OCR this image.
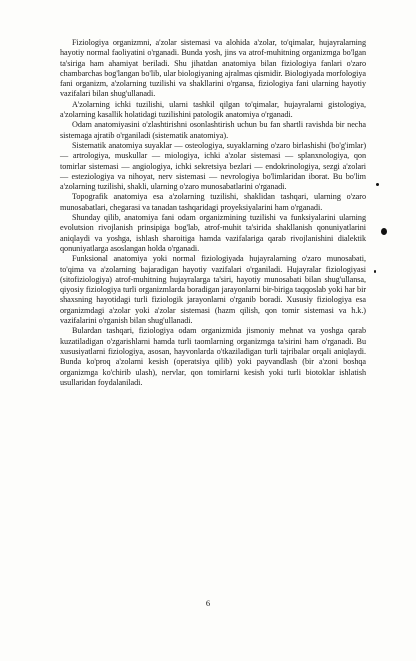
Fiziologiya organizmni, a'zolar sistemasi va alohida a'zolar, to'qimalar, hujayralarning hayotiy normal faoliyatini o'rganadi. Bunda yosh, jins va atrof-muhitning organizmga bo'lgan ta'siriga ham ahamiyat beriladi. Shu jihatdan anatomiya bilan fiziologiya fanlari o'zaro chambarchas bog'langan bo'lib, ular biologiyaning ajralmas qismidir. Biologiyada morfologiya fani organizm, a'zolarning tuzilishi va shakllarini o'rgansa, fiziologiya fani ularning hayotiy vazifalari bilan shug'ullanadi.

A'zolarning ichki tuzilishi, ularni tashkil qilgan to'qimalar, hujayralarni gistologiya, a'zolarning kasallik holatidagi tuzilishini patologik anatomiya o'rganadi.

Odam anatomiyasini o'zlashtirishni osonlashtirish uchun bu fan shartli ravishda bir necha sistemaga ajratib o'rganiladi (sistematik anatomiya).

Sistematik anatomiya suyaklar — osteologiya, suyaklarning o'zaro birlashishi (bo'g'imlar) — artrologiya, muskullar — miologiya, ichki a'zolar sistemasi — splanxnologiya, qon tomirlar sistemasi — angiologiya, ichki sekretsiya bezlari — endokrinologiya, sezgi a'zolari — esteziologiya va nihoyat, nerv sistemasi — nevrologiya bo'limlaridan iborat. Bu bo'lim a'zolarning tuzilishi, shakli, ularning o'zaro munosabatlarini o'rganadi.

Topografik anatomiya esa a'zolarning tuzilishi, shaklidan tashqari, ularning o'zaro munosabatlari, chegarasi va tanadan tashqaridagi proyeksiyalarini ham o'rganadi.

Shunday qilib, anatomiya fani odam organizmining tuzilishi va funksiyalarini ularning evolutsion rivojlanish prinsipiga bog'lab, atrof-muhit ta'sirida shakllanish qonuniyatlarini aniqlaydi va yoshga, ishlash sharoitiga hamda vazifalariga qarab rivojlanishini dialektik qonuniyatlarga asoslangan holda o'rganadi.

Funksional anatomiya yoki normal fiziologiyada hujayralarning o'zaro munosabati, to'qima va a'zolarning bajaradigan hayotiy vazifalari o'rganiladi. Hujayralar fiziologiyasi (sitofiziologiya) atrof-muhitning hujayralarga ta'siri, hayotiy munosabati bilan shug'ullansa, qiyosiy fiziologiya turli organizmlarda boradigan jarayonlarni bir-biriga taqqoslab yoki har bir shaxsning hayotidagi turli fiziologik jarayonlarni o'rganib boradi. Xususiy fiziologiya esa organizmdagi a'zolar yoki a'zolar sistemasi (hazm qilish, qon tomir sistemasi va h.k.) vazifalarini o'rganish bilan shug'ullanadi.

Bulardan tashqari, fiziologiya odam organizmida jismoniy mehnat va yoshga qarab kuzatiladigan o'zgarishlarni hamda turli taomlarning organizmga ta'sirini ham o'rganadi. Bu xususiyatlarni fiziologiya, asosan, hayvonlarda o'tkaziladigan turli tajribalar orqali aniqlaydi. Bunda ko'proq a'zolarni kesish (operatsiya qilib) yoki payvandlash (bir a'zoni boshqa organizmga ko'chirib ulash), nervlar, qon tomirlarni kesish yoki turli biotoklar ishlatish usullaridan foydalaniladi.

6
